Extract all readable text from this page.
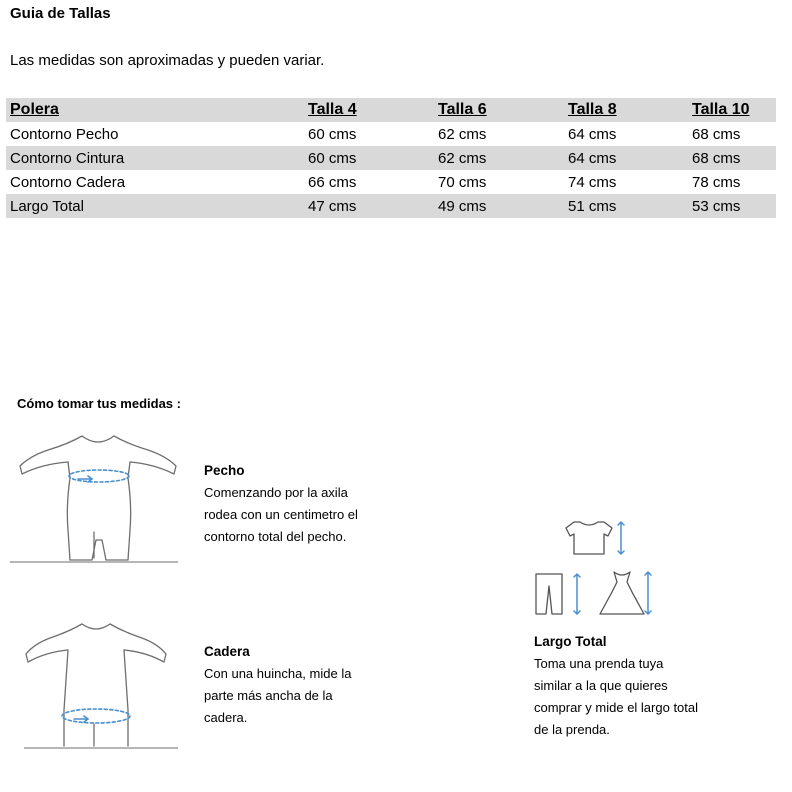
Guia de Tallas
Las medidas son aproximadas y pueden variar.
Polera	Talla 4	Talla 6	Talla 8	Talla 10
Contorno Pecho	60 cms	62 cms	64 cms	68 cms
Contorno Cintura	60 cms	62 cms	64 cms	68 cms
Contorno Cadera	66 cms	70 cms	74 cms	78 cms
Largo Total	47 cms	49 cms	51 cms	53 cms
Cómo tomar tus medidas :
Pecho
Comenzando por la axila
rodea con un centimetro el
contorno total del pecho.
Cadera
Con una huincha, mide la
parte más ancha de la
cadera.
Largo Total
Toma una prenda tuya
similar a la que quieres
comprar y mide el largo total
de la prenda.
